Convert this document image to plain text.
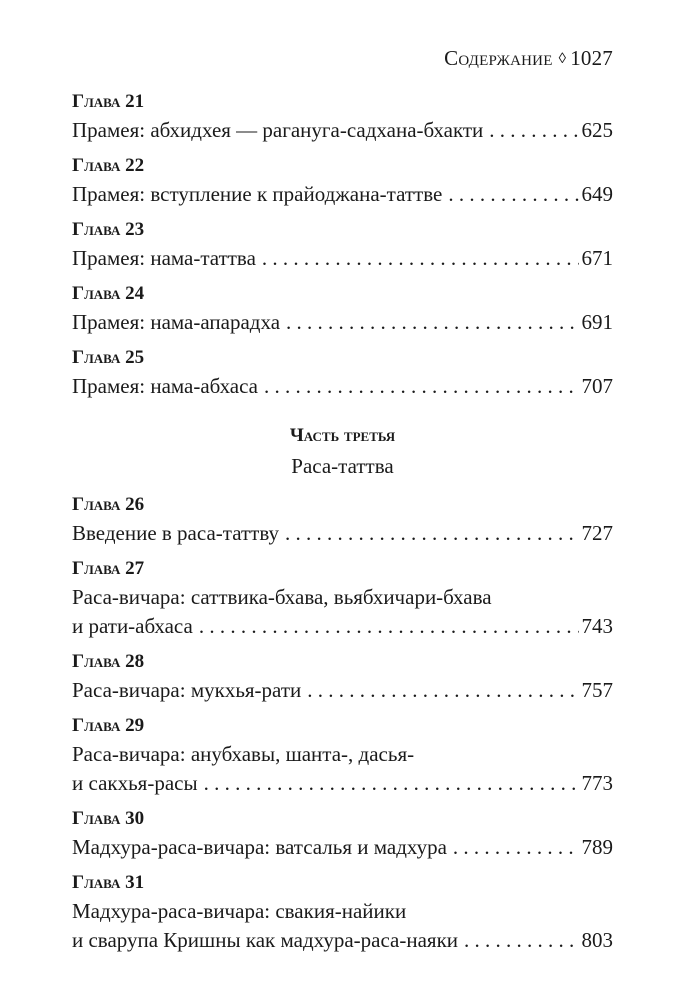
Содержание ◊ 1027
Глава 21
Прамея: абхидхея — рагануга-садхана-бхакти . . .	625
Глава 22
Прамея: вступление к прайоджана-таттве . . .	649
Глава 23
Прамея: нама-таттва . . .	671
Глава 24
Прамея: нама-апарадха . . .	691
Глава 25
Прамея: нама-абхаса . . .	707
Часть третья
Раса-таттва
Глава 26
Введение в раса-таттву . . .	727
Глава 27
Раса-вичара: саттвика-бхава, вьябхичари-бхава
и рати-абхаса . . .	743
Глава 28
Раса-вичара: мукхья-рати . . .	757
Глава 29
Раса-вичара: анубхавы, шанта-, дасья-
и сакхья-расы . . .	773
Глава 30
Мадхура-раса-вичара: ватсалья и мадхура . . .	789
Глава 31
Мадхура-раса-вичара: свакия-найики
и сварупа Кришны как мадхура-раса-наяки . . .	803
